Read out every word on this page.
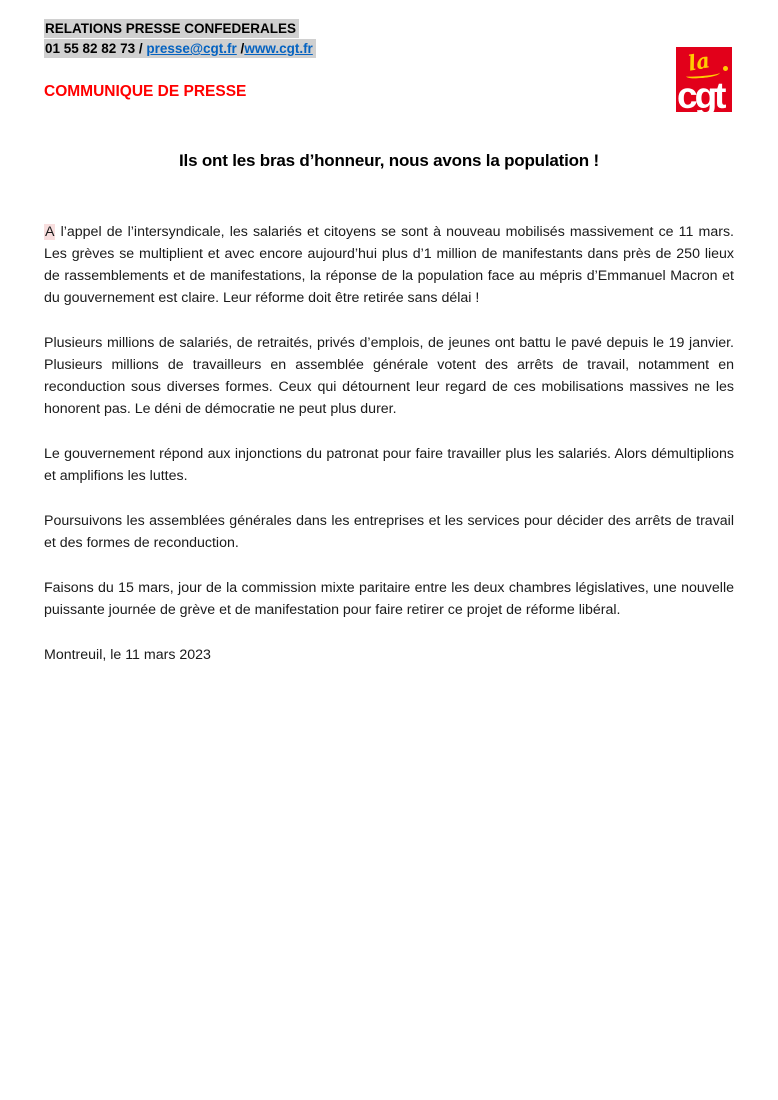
RELATIONS PRESSE CONFEDERALES
01 55 82 82 73 / presse@cgt.fr /www.cgt.fr	la
cgt
COMMUNIQUE DE PRESSE
Ils ont les bras d’honneur, nous avons la population !

A l’appel de l’intersyndicale, les salariés et citoyens se sont à nouveau mobilisés massivement ce 11 mars. Les grèves se multiplient et avec encore aujourd’hui plus d’1 million de manifestants dans près de 250 lieux de rassemblements et de manifestations, la réponse de la population face au mépris d’Emmanuel Macron et du gouvernement est claire. Leur réforme doit être retirée sans délai !

Plusieurs millions de salariés, de retraités, privés d’emplois, de jeunes ont battu le pavé depuis le 19 janvier. Plusieurs millions de travailleurs en assemblée générale votent des arrêts de travail, notamment en reconduction sous diverses formes. Ceux qui détournent leur regard de ces mobilisations massives ne les honorent pas. Le déni de démocratie ne peut plus durer.

Le gouvernement répond aux injonctions du patronat pour faire travailler plus les salariés. Alors démultiplions et amplifions les luttes.

Poursuivons les assemblées générales dans les entreprises et les services pour décider des arrêts de travail et des formes de reconduction.

Faisons du 15 mars, jour de la commission mixte paritaire entre les deux chambres législatives, une nouvelle puissante journée de grève et de manifestation pour faire retirer ce projet de réforme libéral.

Montreuil, le 11 mars 2023
